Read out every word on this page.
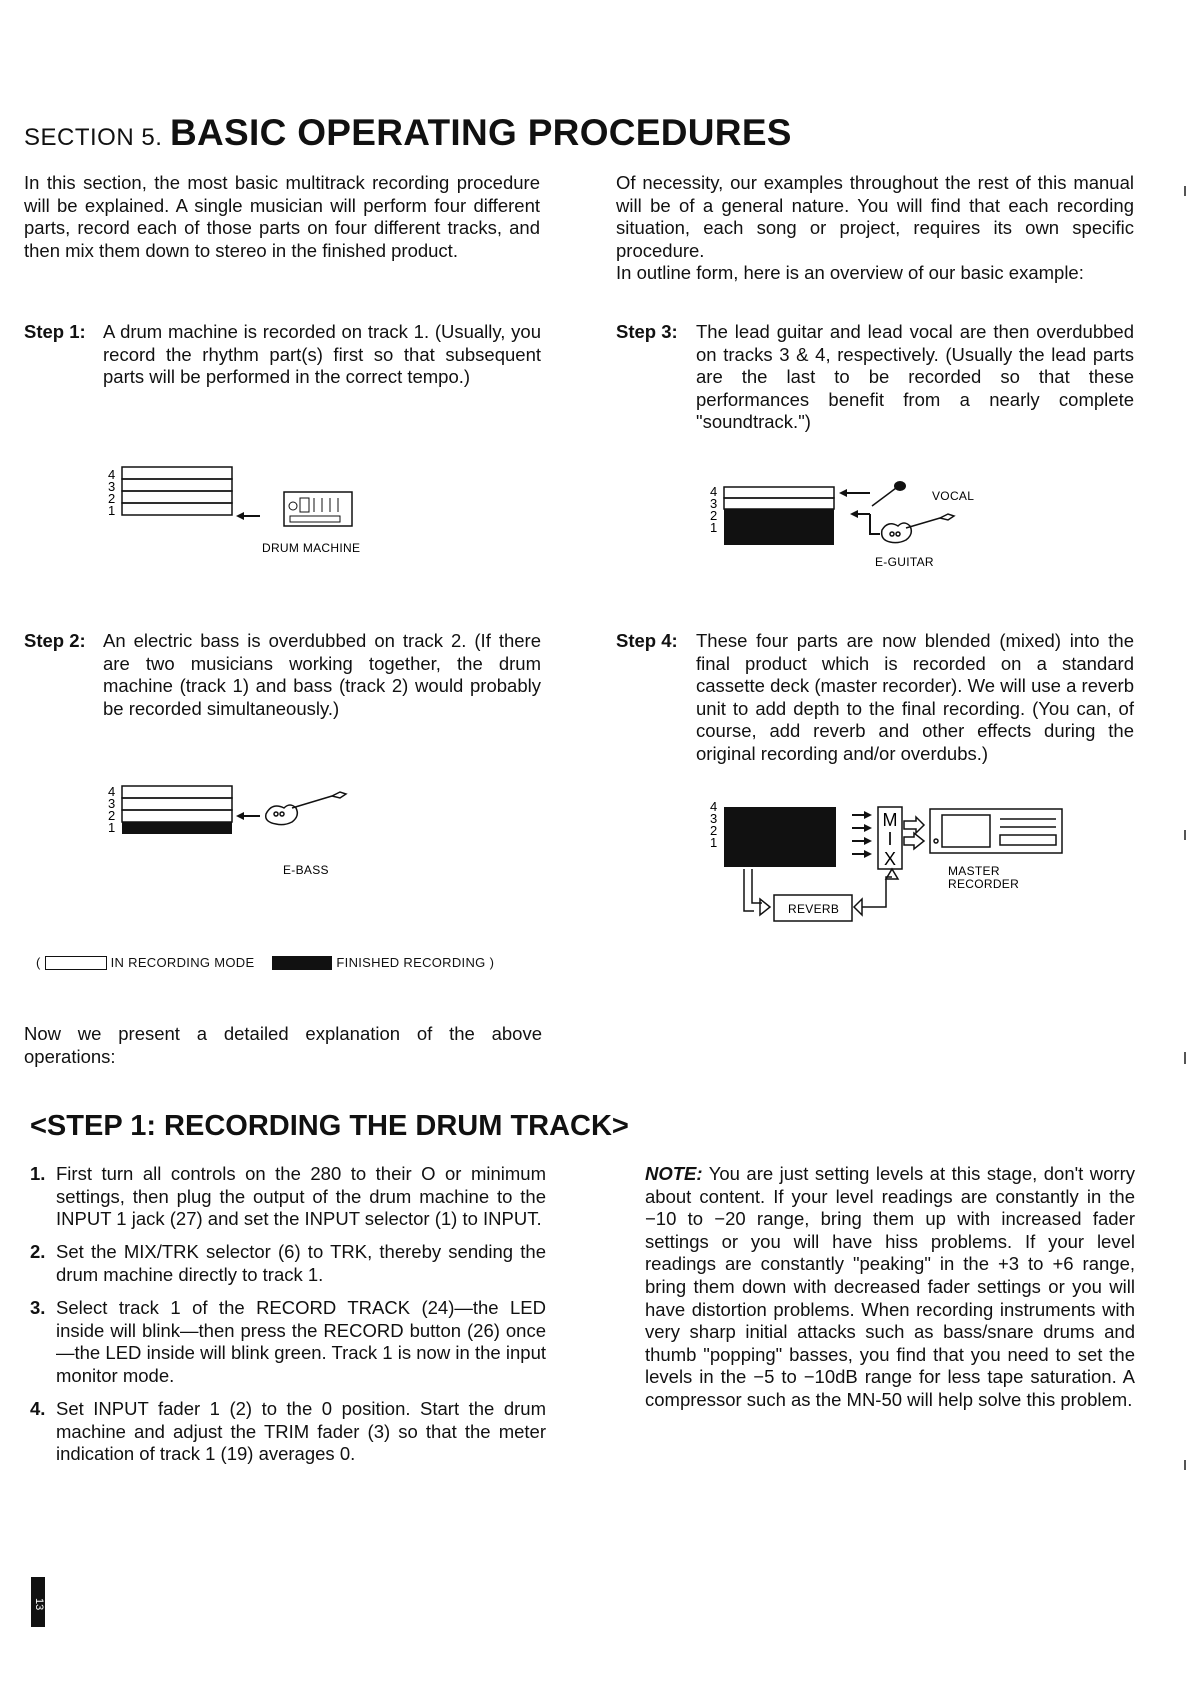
SECTION 5. BASIC OPERATING PROCEDURES
In this section, the most basic multitrack recording procedure will be explained. A single musician will perform four different parts, record each of those parts on four different tracks, and then mix them down to stereo in the finished product.
Of necessity, our examples throughout the rest of this manual will be of a general nature. You will find that each recording situation, each song or project, requires its own specific procedure.
In outline form, here is an overview of our basic example:
Step 1: A drum machine is recorded on track 1. (Usually, you record the rhythm part(s) first so that subsequent parts will be performed in the correct tempo.)
Step 3: The lead guitar and lead vocal are then overdubbed on tracks 3 & 4, respectively. (Usually the lead parts are the last to be recorded so that these performances benefit from a nearly complete "soundtrack.")
Step 2: An electric bass is overdubbed on track 2. (If there are two musicians working together, the drum machine (track 1) and bass (track 2) would probably be recorded simultaneously.)
Step 4: These four parts are now blended (mixed) into the final product which is recorded on a standard cassette deck (master recorder). We will use a reverb unit to add depth to the final recording. (You can, of course, add reverb and other effects during the original recording and/or overdubs.)
4
3
2
1
DRUM MACHINE
4
3
2
1
E-GUITAR
VOCAL
4
3
2
1
E-BASS
4
3
2
1
M
I
X
MASTER
RECORDER
REVERB
(	IN RECORDING MODE	FINISHED RECORDING )
Now we present a detailed explanation of the above operations:
<STEP 1: RECORDING THE DRUM TRACK>
1. First turn all controls on the 280 to their O or minimum settings, then plug the output of the drum machine to the INPUT 1 jack (27) and set the INPUT selector (1) to INPUT.
2. Set the MIX/TRK selector (6) to TRK, thereby sending the drum machine directly to track 1.
3. Select track 1 of the RECORD TRACK (24)—the LED inside will blink—then press the RECORD button (26) once—the LED inside will blink green. Track 1 is now in the input monitor mode.
4. Set INPUT fader 1 (2) to the 0 position. Start the drum machine and adjust the TRIM fader (3) so that the meter indication of track 1 (19) averages 0.
NOTE: You are just setting levels at this stage, don't worry about content. If your level readings are constantly in the −10 to −20 range, bring them up with increased fader settings or you will have hiss problems. If your level readings are constantly "peaking" in the +3 to +6 range, bring them down with decreased fader settings or you will have distortion problems. When recording instruments with very sharp initial attacks such as bass/snare drums and thumb "popping" basses, you find that you need to set the levels in the −5 to −10dB range for less tape saturation. A compressor such as the MN-50 will help solve this problem.
13
